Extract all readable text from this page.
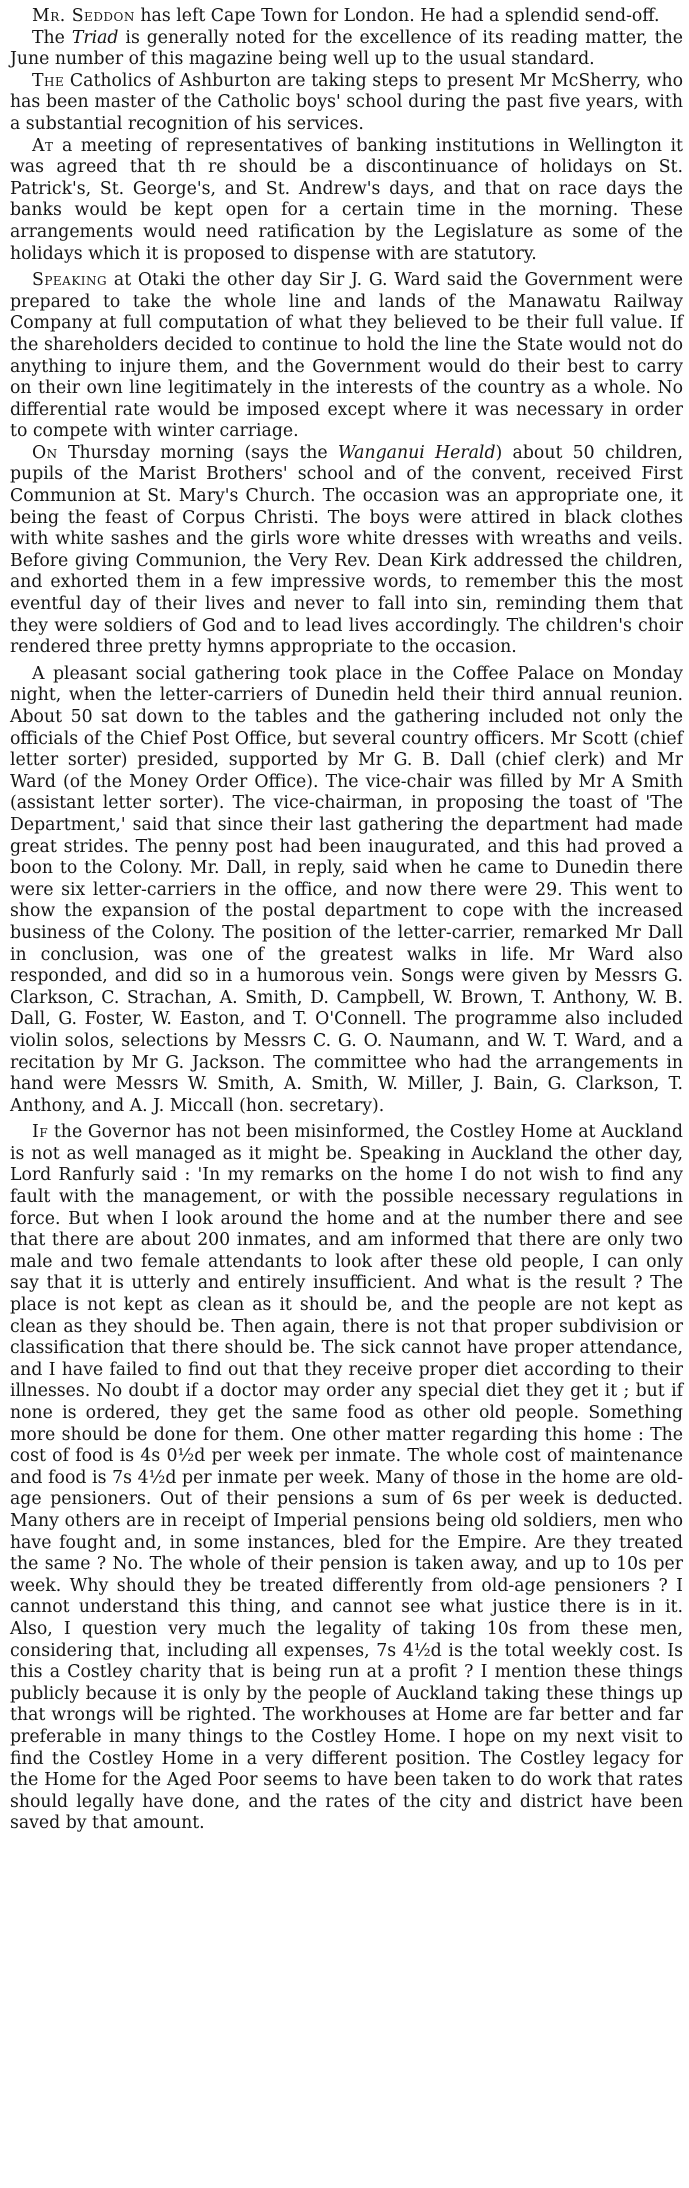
Mr. Seddon has left Cape Town for London. He had a splendid send-off.

The Triad is generally noted for the excellence of its reading matter, the June number of this magazine being well up to the usual standard.

The Catholics of Ashburton are taking steps to present Mr McSherry, who has been master of the Catholic boys' school during the past five years, with a substantial recognition of his services.

At a meeting of representatives of banking institutions in Wellington it was agreed that th re should be a discontinuance of holidays on St. Patrick's, St. George's, and St. Andrew's days, and that on race days the banks would be kept open for a certain time in the morning. These arrangements would need ratification by the Legislature as some of the holidays which it is proposed to dispense with are statutory.

Speaking at Otaki the other day Sir J. G. Ward said the Government were prepared to take the whole line and lands of the Manawatu Railway Company at full computation of what they believed to be their full value. If the shareholders decided to continue to hold the line the State would not do anything to injure them, and the Government would do their best to carry on their own line legitimately in the interests of the country as a whole. No differential rate would be imposed except where it was necessary in order to compete with winter carriage.

On Thursday morning (says the Wanganui Herald) about 50 children, pupils of the Marist Brothers' school and of the convent, received First Communion at St. Mary's Church. The occasion was an appropriate one, it being the feast of Corpus Christi. The boys were attired in black clothes with white sashes and the girls wore white dresses with wreaths and veils. Before giving Communion, the Very Rev. Dean Kirk addressed the children, and exhorted them in a few impressive words, to remember this the most eventful day of their lives and never to fall into sin, reminding them that they were soldiers of God and to lead lives accordingly. The children's choir rendered three pretty hymns appropriate to the occasion.

A pleasant social gathering took place in the Coffee Palace on Monday night, when the letter-carriers of Dunedin held their third annual reunion. About 50 sat down to the tables and the gathering included not only the officials of the Chief Post Office, but several country officers. Mr Scott (chief letter sorter) presided, supported by Mr G. B. Dall (chief clerk) and Mr Ward (of the Money Order Office). The vice-chair was filled by Mr A Smith (assistant letter sorter). The vice-chairman, in proposing the toast of 'The Department,' said that since their last gathering the department had made great strides. The penny post had been inaugurated, and this had proved a boon to the Colony. Mr. Dall, in reply, said when he came to Dunedin there were six letter-carriers in the office, and now there were 29. This went to show the expansion of the postal department to cope with the increased business of the Colony. The position of the letter-carrier, remarked Mr Dall in conclusion, was one of the greatest walks in life. Mr Ward also responded, and did so in a humorous vein. Songs were given by Messrs G. Clarkson, C. Strachan, A. Smith, D. Campbell, W. Brown, T. Anthony, W. B. Dall, G. Foster, W. Easton, and T. O'Connell. The programme also included violin solos, selections by Messrs C. G. O. Naumann, and W. T. Ward, and a recitation by Mr G. Jackson. The committee who had the arrangements in hand were Messrs W. Smith, A. Smith, W. Miller, J. Bain, G. Clarkson, T. Anthony, and A. J. Miccall (hon. secretary).

If the Governor has not been misinformed, the Costley Home at Auckland is not as well managed as it might be. Speaking in Auckland the other day, Lord Ranfurly said : 'In my remarks on the home I do not wish to find any fault with the management, or with the possible necessary regulations in force. But when I look around the home and at the number there and see that there are about 200 inmates, and am informed that there are only two male and two female attendants to look after these old people, I can only say that it is utterly and entirely insufficient. And what is the result ? The place is not kept as clean as it should be, and the people are not kept as clean as they should be. Then again, there is not that proper subdivision or classification that there should be. The sick cannot have proper attendance, and I have failed to find out that they receive proper diet according to their illnesses. No doubt if a doctor may order any special diet they get it ; but if none is ordered, they get the same food as other old people. Something more should be done for them. One other matter regarding this home : The cost of food is 4s 0½d per week per inmate. The whole cost of maintenance and food is 7s 4½d per inmate per week. Many of those in the home are old-age pensioners. Out of their pensions a sum of 6s per week is deducted. Many others are in receipt of Imperial pensions being old soldiers, men who have fought and, in some instances, bled for the Empire. Are they treated the same ? No. The whole of their pension is taken away, and up to 10s per week. Why should they be treated differently from old-age pensioners ? I cannot understand this thing, and cannot see what justice there is in it. Also, I question very much the legality of taking 10s from these men, considering that, including all expenses, 7s 4½d is the total weekly cost. Is this a Costley charity that is being run at a profit ? I mention these things publicly because it is only by the people of Auckland taking these things up that wrongs will be righted. The workhouses at Home are far better and far preferable in many things to the Costley Home. I hope on my next visit to find the Costley Home in a very different position. The Costley legacy for the Home for the Aged Poor seems to have been taken to do work that rates should legally have done, and the rates of the city and district have been saved by that amount.
